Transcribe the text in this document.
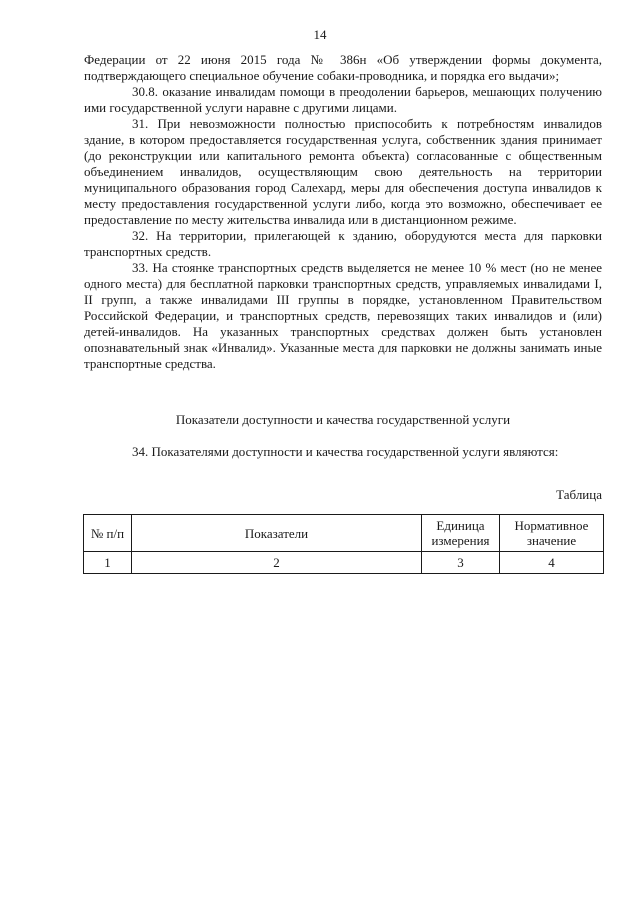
14

Федерации от 22 июня 2015 года № 386н «Об утверждении формы документа, подтверждающего специальное обучение собаки-проводника, и порядка его выдачи»;

30.8. оказание инвалидам помощи в преодолении барьеров, мешающих получению ими государственной услуги наравне с другими лицами.

31. При невозможности полностью приспособить к потребностям инвалидов здание, в котором предоставляется государственная услуга, собственник здания принимает (до реконструкции или капитального ремонта объекта) согласованные с общественным объединением инвалидов, осуществляющим свою деятельность на территории муниципального образования город Салехард, меры для обеспечения доступа инвалидов к месту предоставления государственной услуги либо, когда это возможно, обеспечивает ее предоставление по месту жительства инвалида или в дистанционном режиме.

32. На территории, прилегающей к зданию, оборудуются места для парковки транспортных средств.

33. На стоянке транспортных средств выделяется не менее 10 % мест (но не менее одного места) для бесплатной парковки транспортных средств, управляемых инвалидами I, II групп, а также инвалидами III группы в порядке, установленном Правительством Российской Федерации, и транспортных средств, перевозящих таких инвалидов и (или) детей-инвалидов. На указанных транспортных средствах должен быть установлен опознавательный знак «Инвалид». Указанные места для парковки не должны занимать иные транспортные средства.

Показатели доступности и качества государственной услуги

34. Показателями доступности и качества государственной услуги являются:

Таблица
№ п/п	Показатели	Единица измерения	Нормативное значение
1	2	3	4
